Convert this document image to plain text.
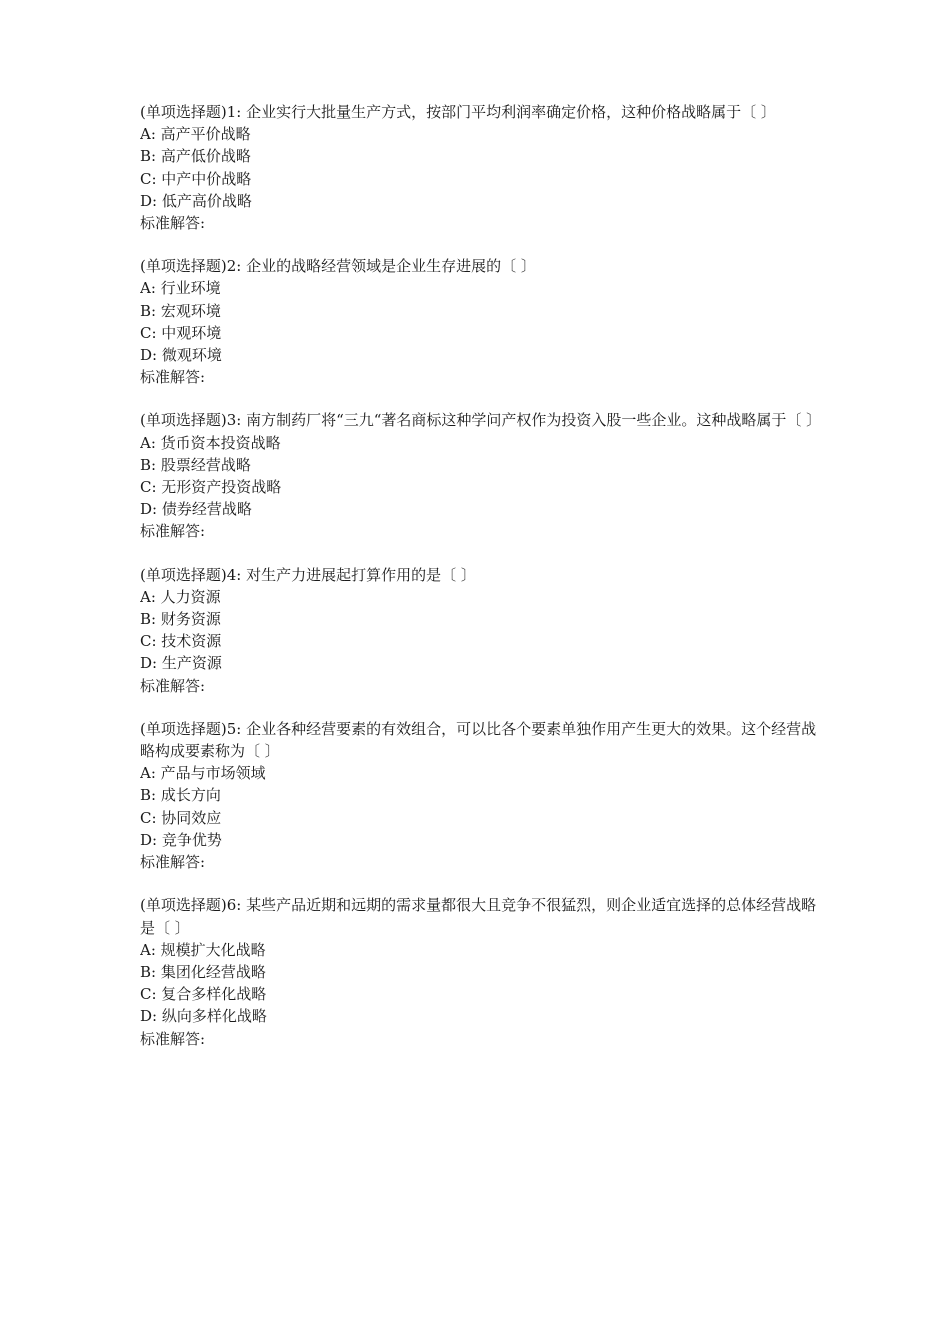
(单项选择题)1: 企业实行大批量生产方式，按部门平均利润率确定价格，这种价格战略属于〔 〕
A: 高产平价战略
B: 高产低价战略
C: 中产中价战略
D: 低产高价战略
标准解答:
(单项选择题)2: 企业的战略经营领域是企业生存进展的〔 〕
A: 行业环境
B: 宏观环境
C: 中观环境
D: 微观环境
标准解答:
(单项选择题)3: 南方制药厂将“三九“著名商标这种学问产权作为投资入股一些企业。这种战略属于〔 〕
A: 货币资本投资战略
B: 股票经营战略
C: 无形资产投资战略
D: 债券经营战略
标准解答:
(单项选择题)4: 对生产力进展起打算作用的是〔 〕
A: 人力资源
B: 财务资源
C: 技术资源
D: 生产资源
标准解答:
(单项选择题)5: 企业各种经营要素的有效组合，可以比各个要素单独作用产生更大的效果。这个经营战略构成要素称为〔 〕
A: 产品与市场领域
B: 成长方向
C: 协同效应
D: 竞争优势
标准解答:
(单项选择题)6: 某些产品近期和远期的需求量都很大且竞争不很猛烈，则企业适宜选择的总体经营战略是〔 〕
A: 规模扩大化战略
B: 集团化经营战略
C: 复合多样化战略
D: 纵向多样化战略
标准解答:
